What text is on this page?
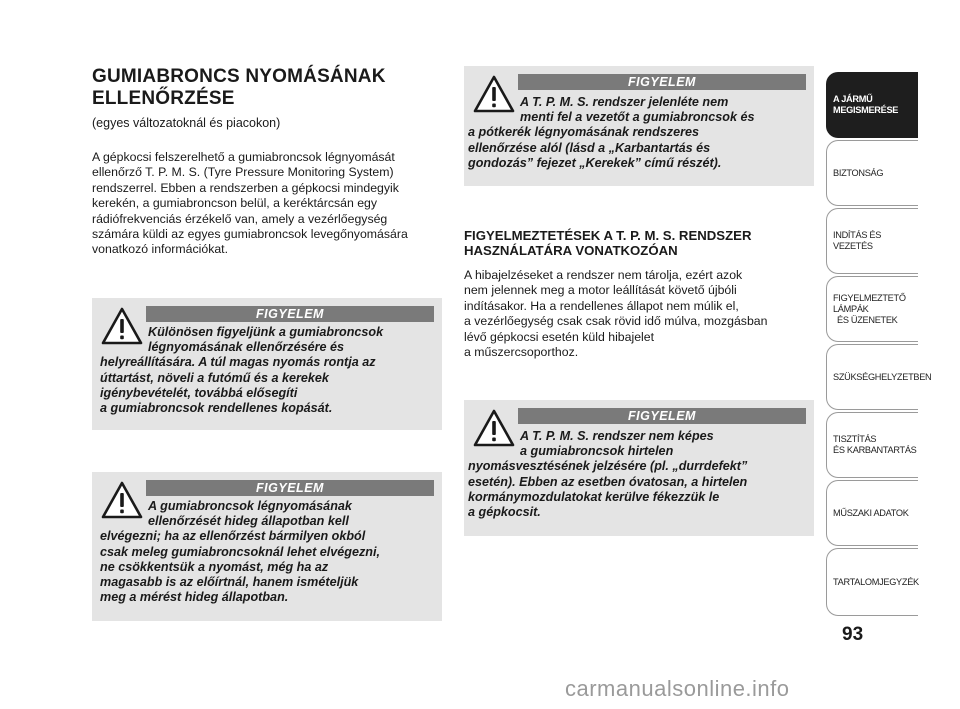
GUMIABRONCS NYOMÁSÁNAK
ELLENŐRZÉSE
(egyes változatoknál és piacokon)
A gépkocsi felszerelhető a gumiabroncsok légnyomását
ellenőrző T. P. M. S. (Tyre Pressure Monitoring System)
rendszerrel. Ebben a rendszerben a gépkocsi mindegyik
kerekén, a gumiabroncson belül, a keréktárcsán egy
rádiófrekvenciás érzékelő van, amely a vezérlőegység
számára küldi az egyes gumiabroncsok levegőnyomására
vonatkozó információkat.
FIGYELEM
Különösen figyeljünk a gumiabroncsok
légnyomásának ellenőrzésére és
helyreállítására. A túl magas nyomás rontja az
úttartást, növeli a futómű és a kerekek
igénybevételét, továbbá elősegíti
a gumiabroncsok rendellenes kopását.
FIGYELEM
A gumiabroncsok légnyomásának
ellenőrzését hideg állapotban kell
elvégezni; ha az ellenőrzést bármilyen okból
csak meleg gumiabroncsoknál lehet elvégezni,
ne csökkentsük a nyomást, még ha az
magasabb is az előírtnál, hanem ismételjük
meg a mérést hideg állapotban.
FIGYELEM
A T. P. M. S. rendszer jelenléte nem
menti fel a vezetőt a gumiabroncsok és
a pótkerék légnyomásának rendszeres
ellenőrzése alól (lásd a „Karbantartás és
gondozás” fejezet „Kerekek” című részét).
FIGYELMEZTETÉSEK A T. P. M. S. RENDSZER
HASZNÁLATÁRA VONATKOZÓAN
A hibajelzéseket a rendszer nem tárolja, ezért azok
nem jelennek meg a motor leállítását követő újbóli
indításakor. Ha a rendellenes állapot nem múlik el,
a vezérlőegység csak csak rövid idő múlva, mozgásban
lévő gépkocsi esetén küld hibajelet
a műszercsoporthoz.
FIGYELEM
A T. P. M. S. rendszer nem képes
a gumiabroncsok hirtelen
nyomásvesztésének jelzésére (pl. „durrdefekt”
esetén). Ebben az esetben óvatosan, a hirtelen
kormánymozdulatokat kerülve fékezzük le
a gépkocsit.
A JÁRMŰ
MEGISMERÉSE
BIZTONSÁG
INDÍTÁS ÉS VEZETÉS
FIGYELMEZTETŐ
LÁMPÁK
ÉS ÜZENETEK
SZÜKSÉGHELYZETBEN
TISZTÍTÁS
ÉS KARBANTARTÁS
MŰSZAKI ADATOK
TARTALOMJEGYZÉK
93
carmanualsonline.info
